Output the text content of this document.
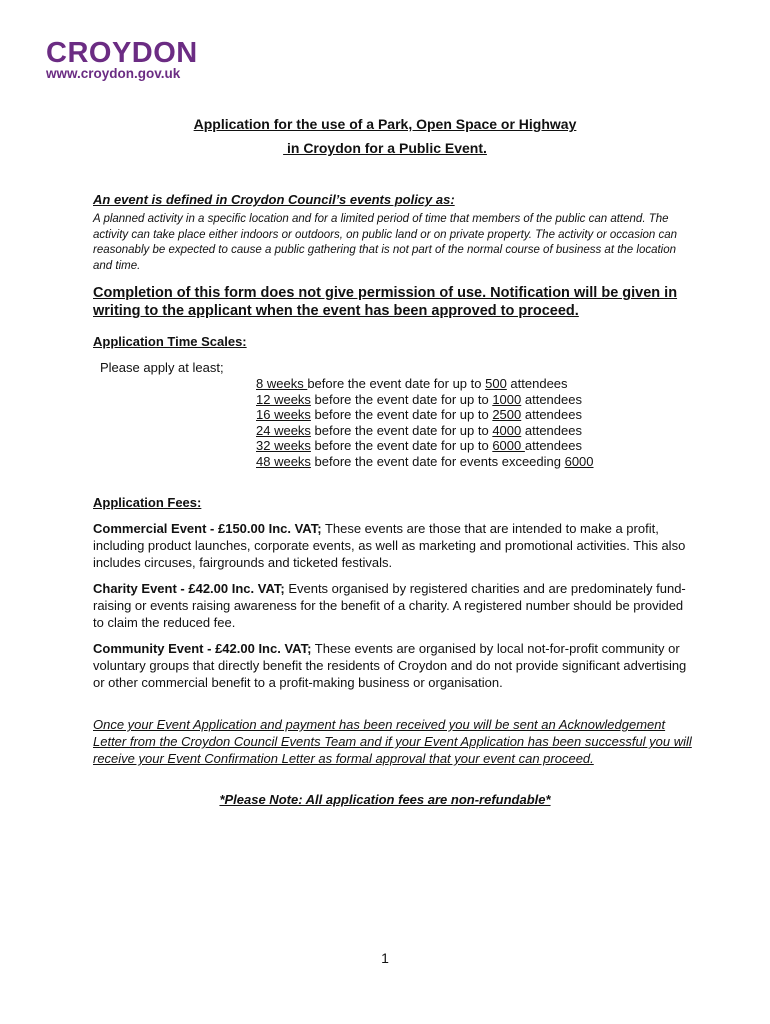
CROYDON
www.croydon.gov.uk
Application for the use of a Park, Open Space or Highway
in Croydon for a Public Event.
An event is defined in Croydon Council’s events policy as:
A planned activity in a specific location and for a limited period of time that members of the public can attend. The activity can take place either indoors or outdoors, on public land or on private property. The activity or occasion can reasonably be expected to cause a public gathering that is not part of the normal course of business at the location and time.
Completion of this form does not give permission of use. Notification will be given in writing to the applicant when the event has been approved to proceed.
Application Time Scales:
Please apply at least;
8 weeks before the event date for up to 500 attendees
12 weeks before the event date for up to 1000 attendees
16 weeks before the event date for up to 2500 attendees
24 weeks before the event date for up to 4000 attendees
32 weeks before the event date for up to 6000 attendees
48 weeks before the event date for events exceeding 6000
Application Fees:
Commercial Event - £150.00 Inc. VAT; These events are those that are intended to make a profit, including product launches, corporate events, as well as marketing and promotional activities. This also includes circuses, fairgrounds and ticketed festivals.
Charity Event - £42.00 Inc. VAT; Events organised by registered charities and are predominately fund-raising or events raising awareness for the benefit of a charity. A registered number should be provided to claim the reduced fee.
Community Event - £42.00 Inc. VAT; These events are organised by local not-for-profit community or voluntary groups that directly benefit the residents of Croydon and do not provide significant advertising or other commercial benefit to a profit-making business or organisation.
Once your Event Application and payment has been received you will be sent an Acknowledgement Letter from the Croydon Council Events Team and if your Event Application has been successful you will receive your Event Confirmation Letter as formal approval that your event can proceed.
*Please Note: All application fees are non-refundable*
1
